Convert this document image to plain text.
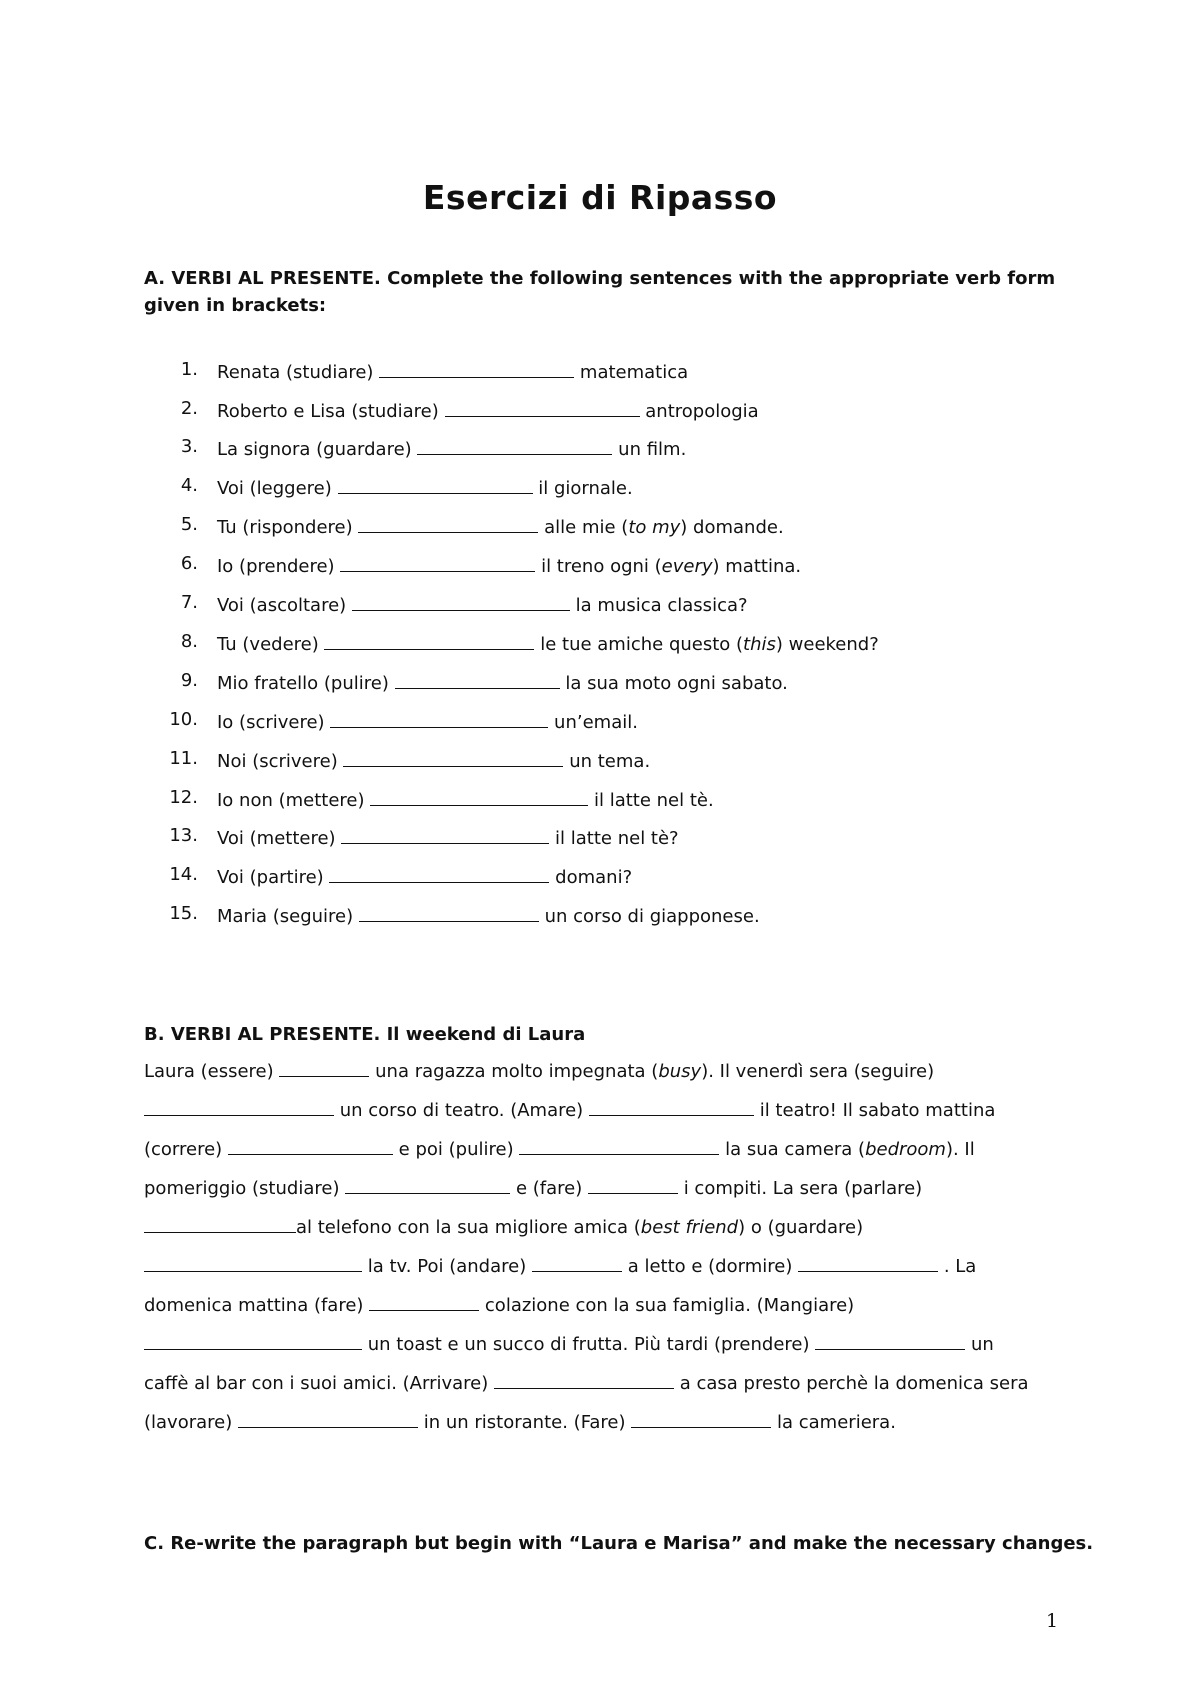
Esercizi di Ripasso
A. VERBI AL PRESENTE. Complete the following sentences with the appropriate verb form
given in brackets:
1. Renata (studiare)	matematica
2. Roberto e Lisa (studiare)	antropologia
3. La signora (guardare)	un film.
4. Voi (leggere)	il giornale.
5. Tu (rispondere)	alle mie (to my) domande.
6. Io (prendere)	il treno ogni (every) mattina.
7. Voi (ascoltare)	la musica classica?
8. Tu (vedere)	le tue amiche questo (this) weekend?
9. Mio fratello (pulire)	la sua moto ogni sabato.
10. Io (scrivere)	un’email.
11. Noi (scrivere)	un tema.
12. Io non (mettere)	il latte nel tè.
13. Voi (mettere)	il latte nel tè?
14. Voi (partire)	domani?
15. Maria (seguire)	un corso di giapponese.
B. VERBI AL PRESENTE. Il weekend di Laura
Laura (essere)	una ragazza molto impegnata (busy). Il venerdì sera (seguire)
un corso di teatro. (Amare)	il teatro! Il sabato mattina
(correre)	e poi (pulire)	la sua camera (bedroom). Il
pomeriggio (studiare)	e (fare)	i compiti. La sera (parlare)
al telefono con la sua migliore amica (best friend) o (guardare)
la tv. Poi (andare)	a letto e (dormire)	. La
domenica mattina (fare)	colazione con la sua famiglia. (Mangiare)
un toast e un succo di frutta. Più tardi (prendere)	un
caffè al bar con i suoi amici. (Arrivare)	a casa presto perchè la domenica sera
(lavorare)	in un ristorante. (Fare)	la cameriera.
C. Re-write the paragraph but begin with “Laura e Marisa” and make the necessary changes.
1
